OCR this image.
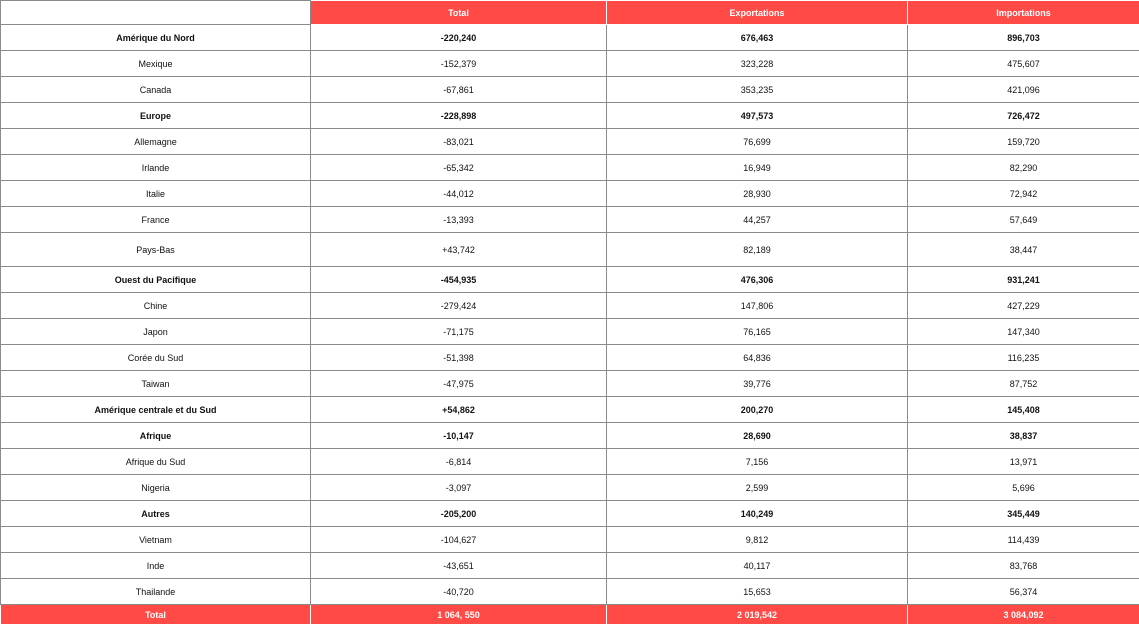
	Total	Exportations	Importations
Amérique du Nord	-220,240	676,463	896,703
Mexique	-152,379	323,228	475,607
Canada	-67,861	353,235	421,096
Europe	-228,898	497,573	726,472
Allemagne	-83,021	76,699	159,720
Irlande	-65,342	16,949	82,290
Italie	-44,012	28,930	72,942
France	-13,393	44,257	57,649
Pays-Bas	+43,742	82,189	38,447
Ouest du Pacifique	-454,935	476,306	931,241
Chine	-279,424	147,806	427,229
Japon	-71,175	76,165	147,340
Corée du Sud	-51,398	64,836	116,235
Taiwan	-47,975	39,776	87,752
Amérique centrale et du Sud	+54,862	200,270	145,408
Afrique	-10,147	28,690	38,837
Afrique du Sud	-6,814	7,156	13,971
Nigeria	-3,097	2,599	5,696
Autres	-205,200	140,249	345,449
Vietnam	-104,627	9,812	114,439
Inde	-43,651	40,117	83,768
Thailande	-40,720	15,653	56,374
Total	1 064, 550	2 019,542	3 084,092
